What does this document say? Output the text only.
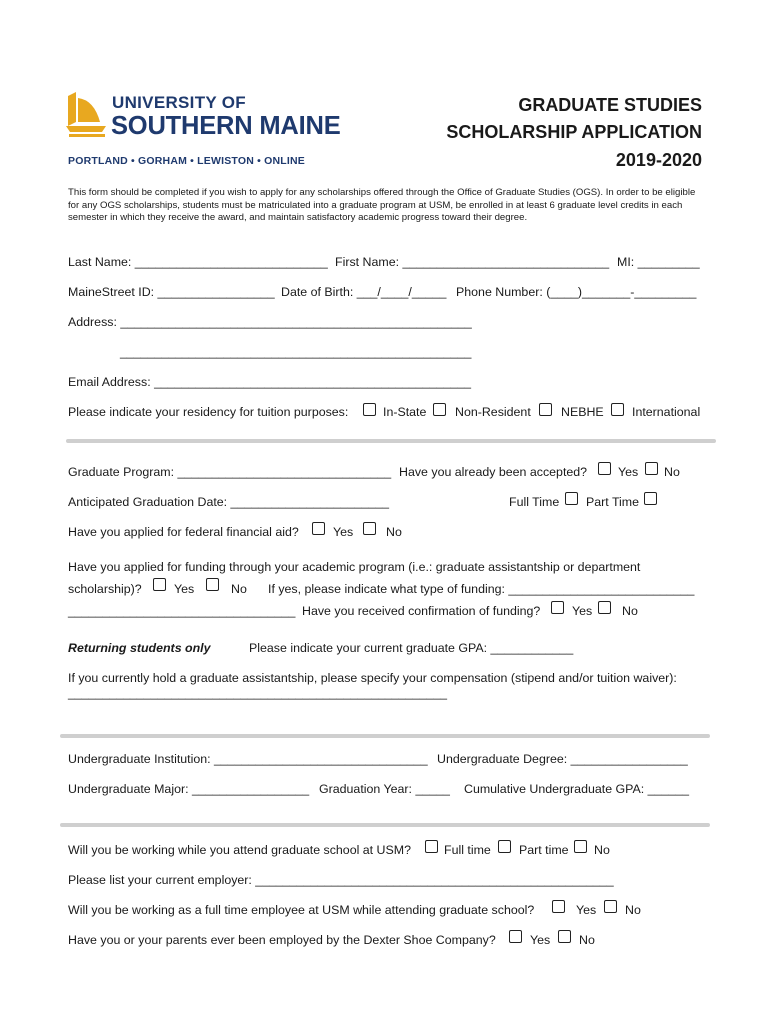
UNIVERSITY OF
SOUTHERN MAINE
PORTLAND • GORHAM • LEWISTON • ONLINE
GRADUATE STUDIES
SCHOLARSHIP APPLICATION
2019-2020
This form should be completed if you wish to apply for any scholarships offered through the Office of Graduate Studies (OGS). In order to be eligible for any OGS scholarships, students must be matriculated into a graduate program at USM, be enrolled in at least 6 graduate level credits in each semester in which they receive the award, and maintain satisfactory academic progress toward their degree.
Last Name: ____________________________ First Name: ______________________________ MI: _________
MaineStreet ID: _________________ Date of Birth: ___/____/_____ Phone Number: (____)_______-_________
Address: ___________________________________________________
___________________________________________________
Email Address: ______________________________________________
Please indicate your residency for tuition purposes:	In-State Non-Resident NEBHE International
Graduate Program: _______________________________ Have you already been accepted? Yes No
Anticipated Graduation Date: _______________________	Full Time Part Time
Have you applied for federal financial aid?	Yes	No
Have you applied for funding through your academic program (i.e.: graduate assistantship or department
scholarship)?	Yes	No If yes, please indicate what type of funding: ___________________________
_________________________________ Have you received confirmation of funding?	Yes No
Returning students only	Please indicate your current graduate GPA: ____________
If you currently hold a graduate assistantship, please specify your compensation (stipend and/or tuition waiver):
_______________________________________________________
Undergraduate Institution: _______________________________ Undergraduate Degree: _________________
Undergraduate Major: _________________ Graduation Year: _____ Cumulative Undergraduate GPA: ______
Will you be working while you attend graduate school at USM?	Full time Part time No
Please list your current employer: ____________________________________________________
Will you be working as a full time employee at USM while attending graduate school?	Yes No
Have you or your parents ever been employed by the Dexter Shoe Company?	Yes No
